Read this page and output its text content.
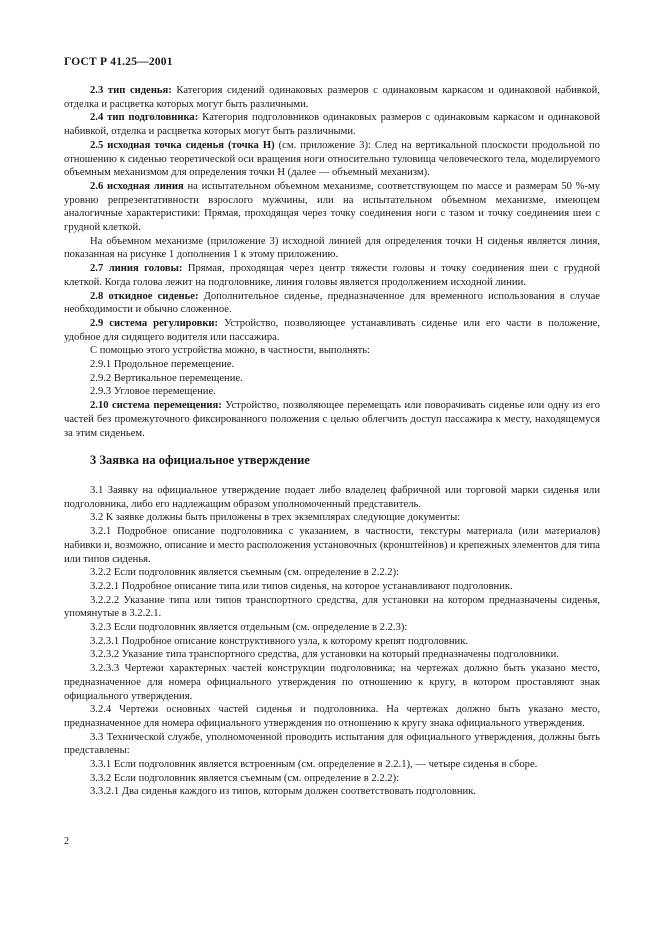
ГОСТ Р 41.25—2001

2.3 тип сиденья: Категория сидений одинаковых размеров с одинаковым каркасом и одинаковой набивкой, отделка и расцветка которых могут быть различными.

2.4 тип подголовника: Категория подголовников одинаковых размеров с одинаковым каркасом и одинаковой набивкой, отделка и расцветка которых могут быть различными.

2.5 исходная точка сиденья (точка H) (см. приложение 3): След на вертикальной плоскости продольной по отношению к сиденью теоретической оси вращения ноги относительно туловища человеческого тела, моделируемого объемным механизмом для определения точки H (далее — объемный механизм).

2.6 исходная линия на испытательном объемном механизме, соответствующем по массе и размерам 50 %-му уровню репрезентативности взрослого мужчины, или на испытательном объемном механизме, имеющем аналогичные характеристики: Прямая, проходящая через точку соединения ноги с тазом и точку соединения шеи с грудной клеткой.

На объемном механизме (приложение 3) исходной линией для определения точки H сиденья является линия, показанная на рисунке 1 дополнения 1 к этому приложению.

2.7 линия головы: Прямая, проходящая через центр тяжести головы и точку соединения шеи с грудной клеткой. Когда голова лежит на подголовнике, линия головы является продолжением исходной линии.

2.8 откидное сиденье: Дополнительное сиденье, предназначенное для временного использования в случае необходимости и обычно сложенное.

2.9 система регулировки: Устройство, позволяющее устанавливать сиденье или его части в положение, удобное для сидящего водителя или пассажира.

С помощью этого устройства можно, в частности, выполнять:

2.9.1 Продольное перемещение.

2.9.2 Вертикальное перемещение.

2.9.3 Угловое перемещение.

2.10 система перемещения: Устройство, позволяющее перемещать или поворачивать сиденье или одну из его частей без промежуточного фиксированного положения с целью облегчить доступ пассажира к месту, находящемуся за этим сиденьем.

3 Заявка на официальное утверждение

3.1 Заявку на официальное утверждение подает либо владелец фабричной или торговой марки сиденья или подголовника, либо его надлежащим образом уполномоченный представитель.

3.2 К заявке должны быть приложены в трех экземплярах следующие документы:

3.2.1 Подробное описание подголовника с указанием, в частности, текстуры материала (или материалов) набивки и, возможно, описание и место расположения установочных (кронштейнов) и крепежных элементов для типа или типов сиденья.

3.2.2 Если подголовник является съемным (см. определение в 2.2.2):

3.2.2.1 Подробное описание типа или типов сиденья, на которое устанавливают подголовник.

3.2.2.2 Указание типа или типов транспортного средства, для установки на котором предназначены сиденья, упомянутые в 3.2.2.1.

3.2.3 Если подголовник является отдельным (см. определение в 2.2.3):

3.2.3.1 Подробное описание конструктивного узла, к которому крепят подголовник.

3.2.3.2 Указание типа транспортного средства, для установки на который предназначены подголовники.

3.2.3.3 Чертежи характерных частей конструкции подголовника; на чертежах должно быть указано место, предназначенное для номера официального утверждения по отношению к кругу, в котором проставляют знак официального утверждения.

3.2.4 Чертежи основных частей сиденья и подголовника. На чертежах должно быть указано место, предназначенное для номера официального утверждения по отношению к кругу знака официального утверждения.

3.3 Технической службе, уполномоченной проводить испытания для официального утверждения, должны быть представлены:

3.3.1 Если подголовник является встроенным (см. определение в 2.2.1), — четыре сиденья в сборе.

3.3.2 Если подголовник является съемным (см. определение в 2.2.2):

3.3.2.1 Два сиденья каждого из типов, которым должен соответствовать подголовник.

2
